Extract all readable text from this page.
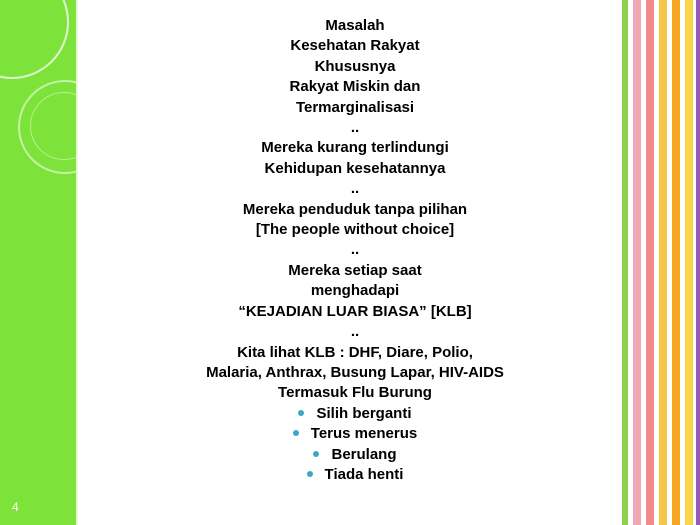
4
Masalah
Kesehatan Rakyat
Khususnya
Rakyat Miskin dan
Termarginalisasi
..
Mereka kurang terlindungi
Kehidupan kesehatannya
..
Mereka penduduk tanpa pilihan
[The people without choice]
..
Mereka setiap saat
menghadapi
“KEJADIAN LUAR BIASA” [KLB]
..
Kita lihat KLB : DHF, Diare, Polio,
Malaria, Anthrax, Busung Lapar, HIV-AIDS
Termasuk Flu Burung
Silih berganti
Terus menerus
Berulang
Tiada henti
